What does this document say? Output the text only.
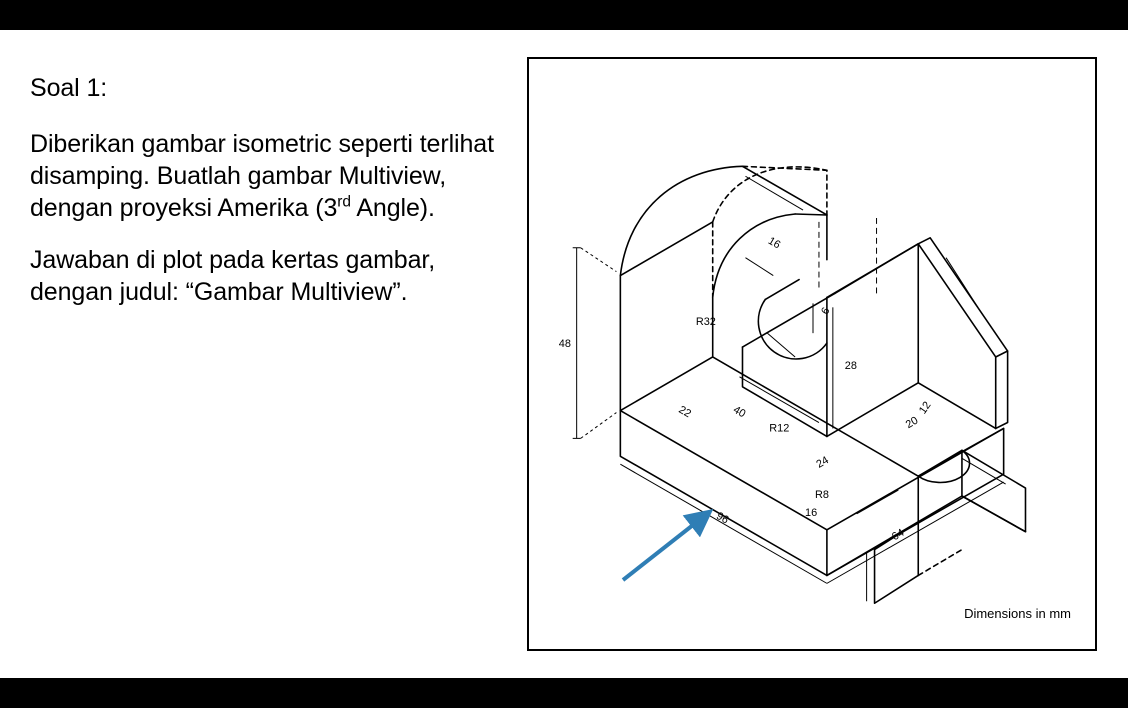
Soal 1:

Diberikan gambar isometric seperti terlihat disamping. Buatlah gambar Multiview, dengan proyeksi Amerika (3rd Angle).

Jawaban di plot pada kertas gambar, dengan judul: “Gambar Multiview”.

48
16
R32
R12
R8
12
22
28
6
40
96
64
16
24
20
Dimensions in mm
